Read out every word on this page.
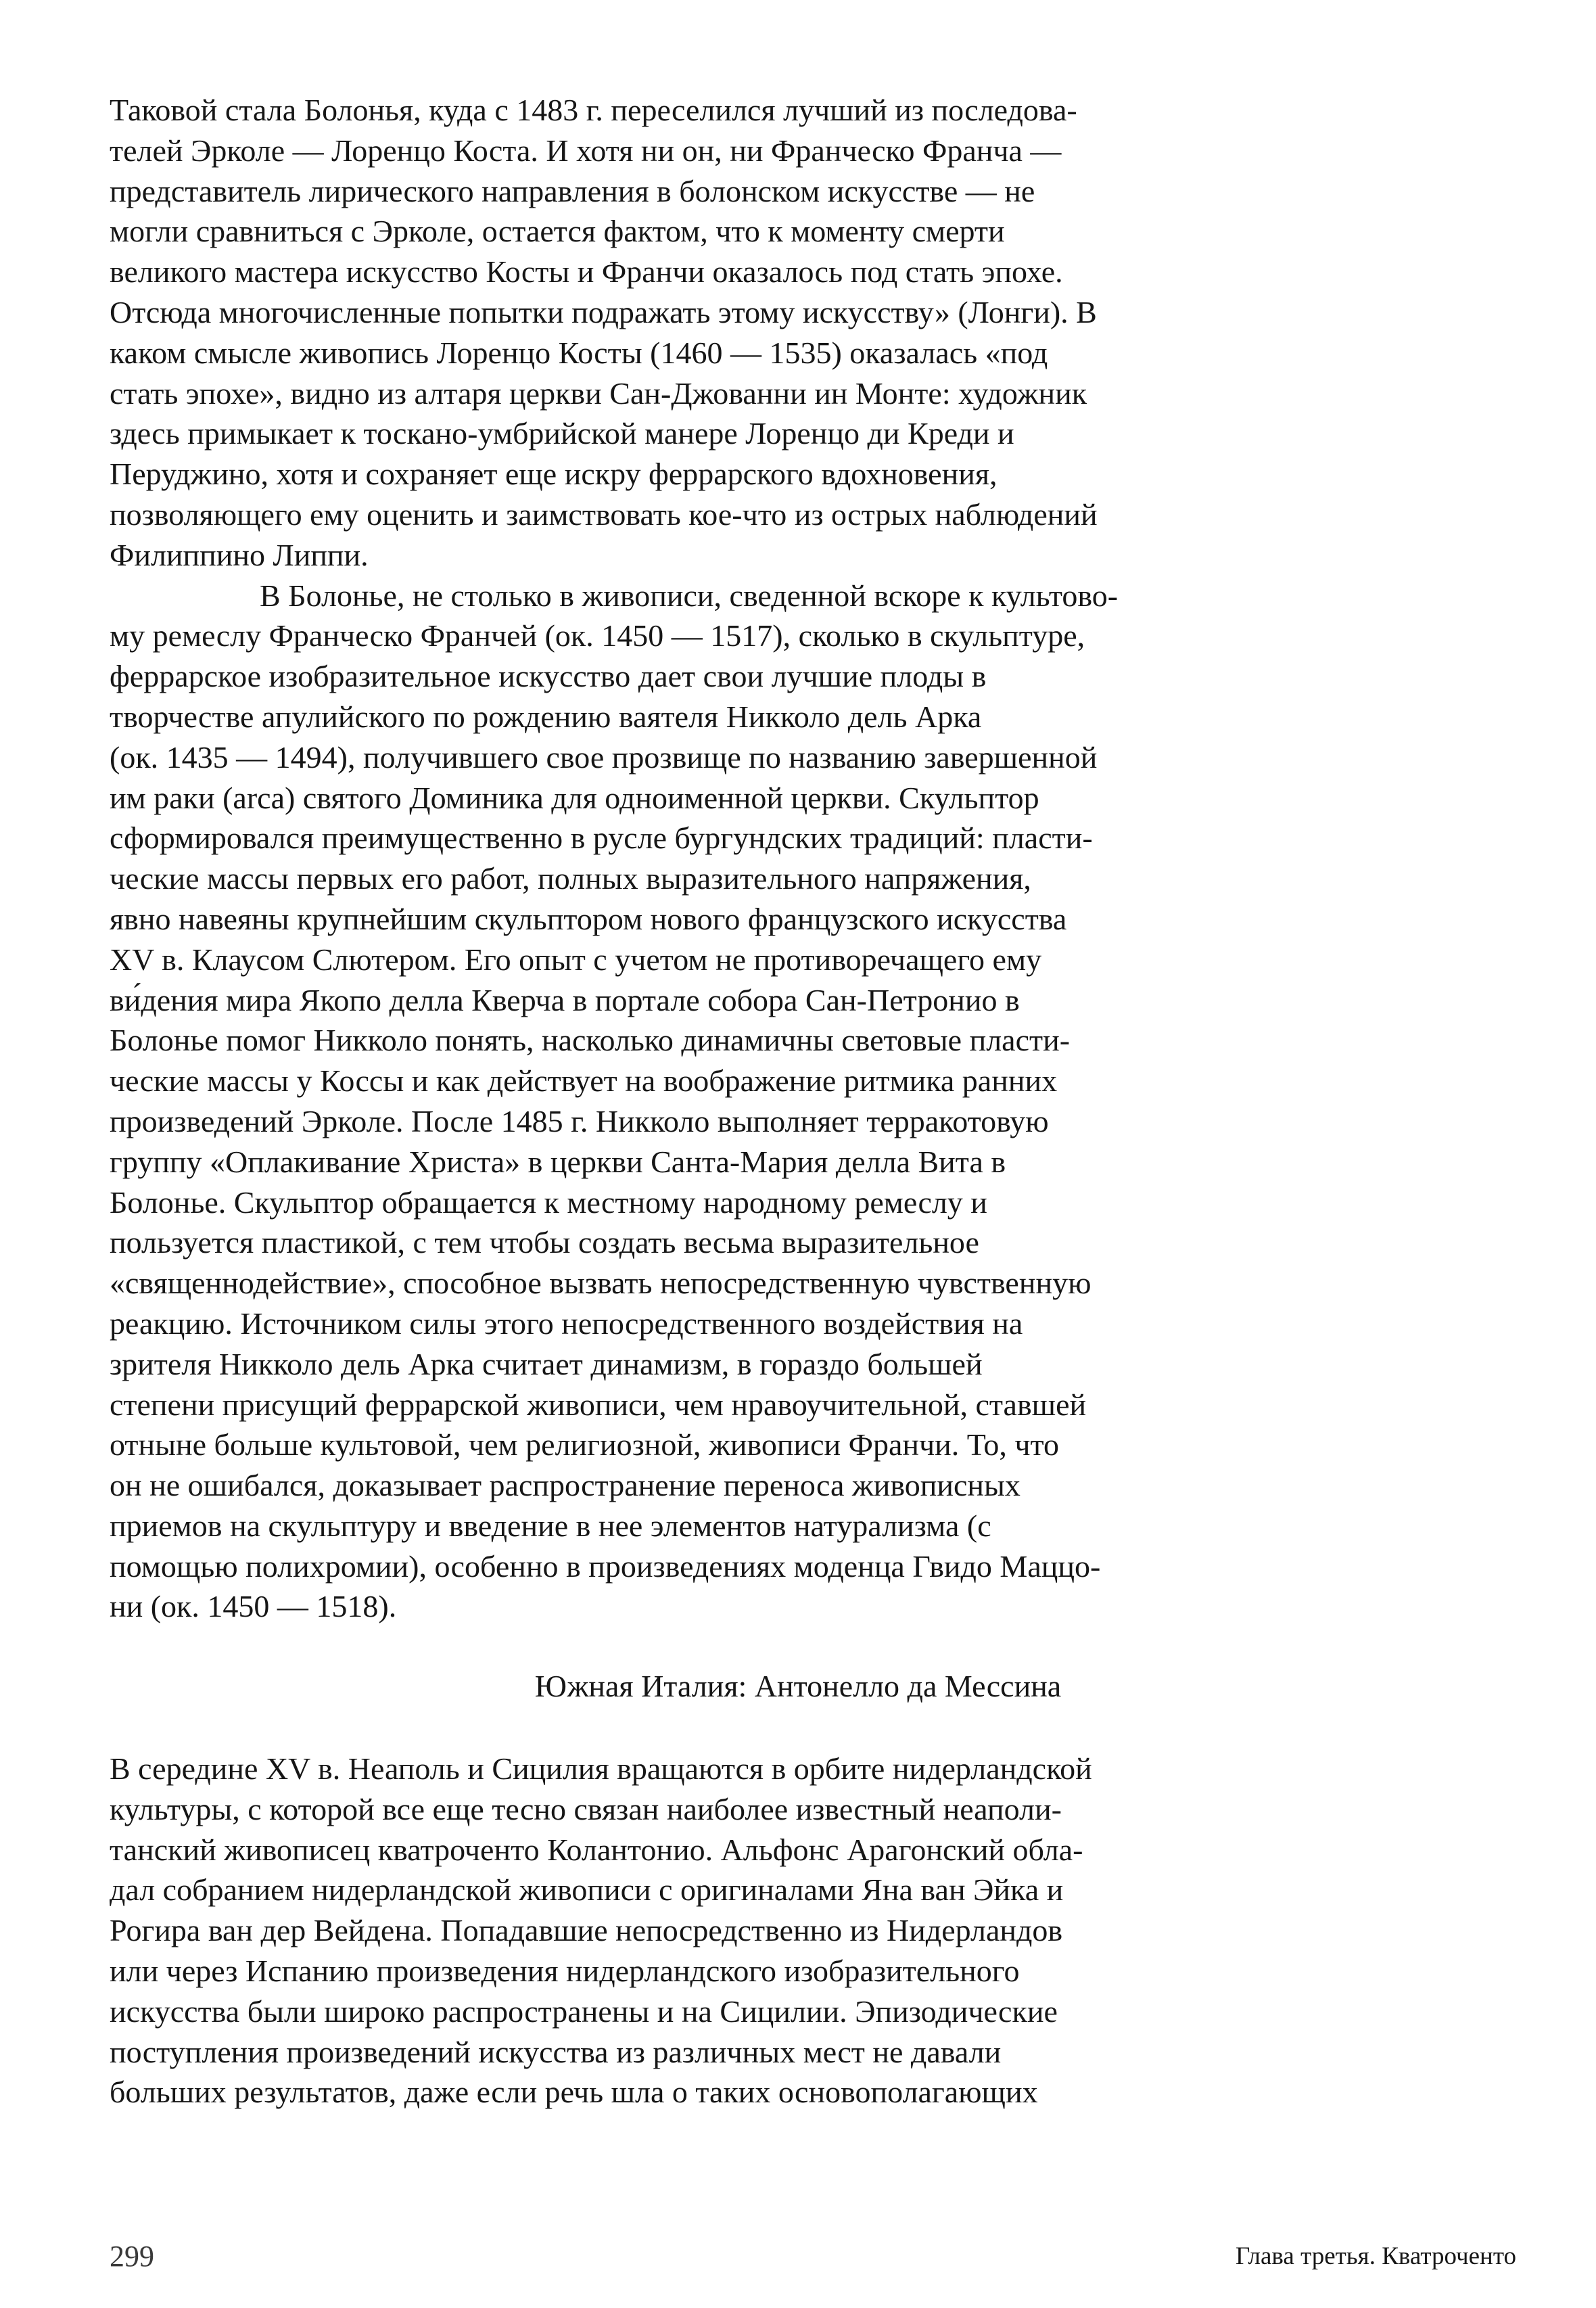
Таковой стала Болонья, куда с 1483 г. переселился лучший из последова-
телей Эрколе — Лоренцо Коста. И хотя ни он, ни Франческо Франча —
представитель лирического направления в болонском искусстве — не
могли сравниться с Эрколе, остается фактом, что к моменту смерти
великого мастера искусство Косты и Франчи оказалось под стать эпохе.
Отсюда многочисленные попытки подражать этому искусству» (Лонги). В
каком смысле живопись Лоренцо Косты (1460 — 1535) оказалась «под
стать эпохе», видно из алтаря церкви Сан-Джованни ин Монте: художник
здесь примыкает к тоскано-умбрийской манере Лоренцо ди Креди и
Перуджино, хотя и сохраняет еще искру феррарского вдохновения,
позволяющего ему оценить и заимствовать кое-что из острых наблюдений
Филиппино Липпи.
В Болонье, не столько в живописи, сведенной вскоре к культово-
му ремеслу Франческо Франчей (ок. 1450 — 1517), сколько в скульптуре,
феррарское изобразительное искусство дает свои лучшие плоды в
творчестве апулийского по рождению ваятеля Никколо дель Арка
(ок. 1435 — 1494), получившего свое прозвище по названию завершенной
им раки (arca) святого Доминика для одноименной церкви. Скульптор
сформировался преимущественно в русле бургундских традиций: пласти-
ческие массы первых его работ, полных выразительного напряжения,
явно навеяны крупнейшим скульптором нового французского искусства
XV в. Клаусом Слютером. Его опыт с учетом не противоречащего ему
ви́дения мира Якопо делла Кверча в портале собора Сан-Петронио в
Болонье помог Никколо понять, насколько динамичны световые пласти-
ческие массы у Коссы и как действует на воображение ритмика ранних
произведений Эрколе. После 1485 г. Никколо выполняет терракотовую
группу «Оплакивание Христа» в церкви Санта-Мария делла Вита в
Болонье. Скульптор обращается к местному народному ремеслу и
пользуется пластикой, с тем чтобы создать весьма выразительное
«священнодействие», способное вызвать непосредственную чувственную
реакцию. Источником силы этого непосредственного воздействия на
зрителя Никколо дель Арка считает динамизм, в гораздо большей
степени присущий феррарской живописи, чем нравоучительной, ставшей
отныне больше культовой, чем религиозной, живописи Франчи. То, что
он не ошибался, доказывает распространение переноса живописных
приемов на скульптуру и введение в нее элементов натурализма (с
помощью полихромии), особенно в произведениях моденца Гвидо Маццо-
ни (ок. 1450 — 1518).
Южная Италия: Антонелло да Мессина
В середине XV в. Неаполь и Сицилия вращаются в орбите нидерландской
культуры, с которой все еще тесно связан наиболее известный неаполи-
танский живописец кватроченто Колантонио. Альфонс Арагонский обла-
дал собранием нидерландской живописи с оригиналами Яна ван Эйка и
Рогира ван дер Вейдена. Попадавшие непосредственно из Нидерландов
или через Испанию произведения нидерландского изобразительного
искусства были широко распространены и на Сицилии. Эпизодические
поступления произведений искусства из различных мест не давали
больших результатов, даже если речь шла о таких основополагающих

299	Глава третья. Кватроченто
